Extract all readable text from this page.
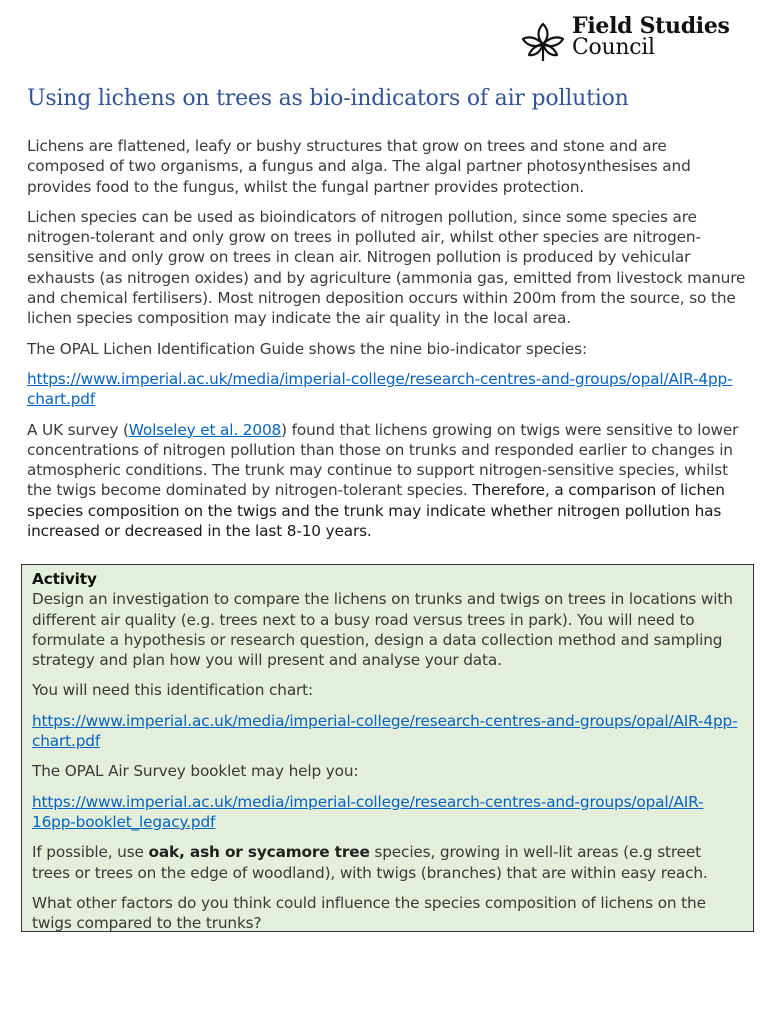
Field Studies
Council
Using lichens on trees as bio-indicators of air pollution

Lichens are flattened, leafy or bushy structures that grow on trees and stone and are composed of two organisms, a fungus and alga. The algal partner photosynthesises and provides food to the fungus, whilst the fungal partner provides protection.

Lichen species can be used as bioindicators of nitrogen pollution, since some species are nitrogen-tolerant and only grow on trees in polluted air, whilst other species are nitrogen-sensitive and only grow on trees in clean air. Nitrogen pollution is produced by vehicular exhausts (as nitrogen oxides) and by agriculture (ammonia gas, emitted from livestock manure and chemical fertilisers). Most nitrogen deposition occurs within 200m from the source, so the lichen species composition may indicate the air quality in the local area.

The OPAL Lichen Identification Guide shows the nine bio-indicator species:

https://www.imperial.ac.uk/media/imperial-college/research-centres-and-groups/opal/AIR-4pp-chart.pdf

A UK survey (Wolseley et al. 2008) found that lichens growing on twigs were sensitive to lower concentrations of nitrogen pollution than those on trunks and responded earlier to changes in atmospheric conditions. The trunk may continue to support nitrogen-sensitive species, whilst the twigs become dominated by nitrogen-tolerant species. Therefore, a comparison of lichen species composition on the twigs and the trunk may indicate whether nitrogen pollution has increased or decreased in the last 8-10 years.

Activity

Design an investigation to compare the lichens on trunks and twigs on trees in locations with different air quality (e.g. trees next to a busy road versus trees in park). You will need to formulate a hypothesis or research question, design a data collection method and sampling strategy and plan how you will present and analyse your data.

You will need this identification chart:

https://www.imperial.ac.uk/media/imperial-college/research-centres-and-groups/opal/AIR-4pp-chart.pdf

The OPAL Air Survey booklet may help you:

https://www.imperial.ac.uk/media/imperial-college/research-centres-and-groups/opal/AIR-16pp-booklet_legacy.pdf

If possible, use oak, ash or sycamore tree species, growing in well-lit areas (e.g street trees or trees on the edge of woodland), with twigs (branches) that are within easy reach.

What other factors do you think could influence the species composition of lichens on the twigs compared to the trunks?
